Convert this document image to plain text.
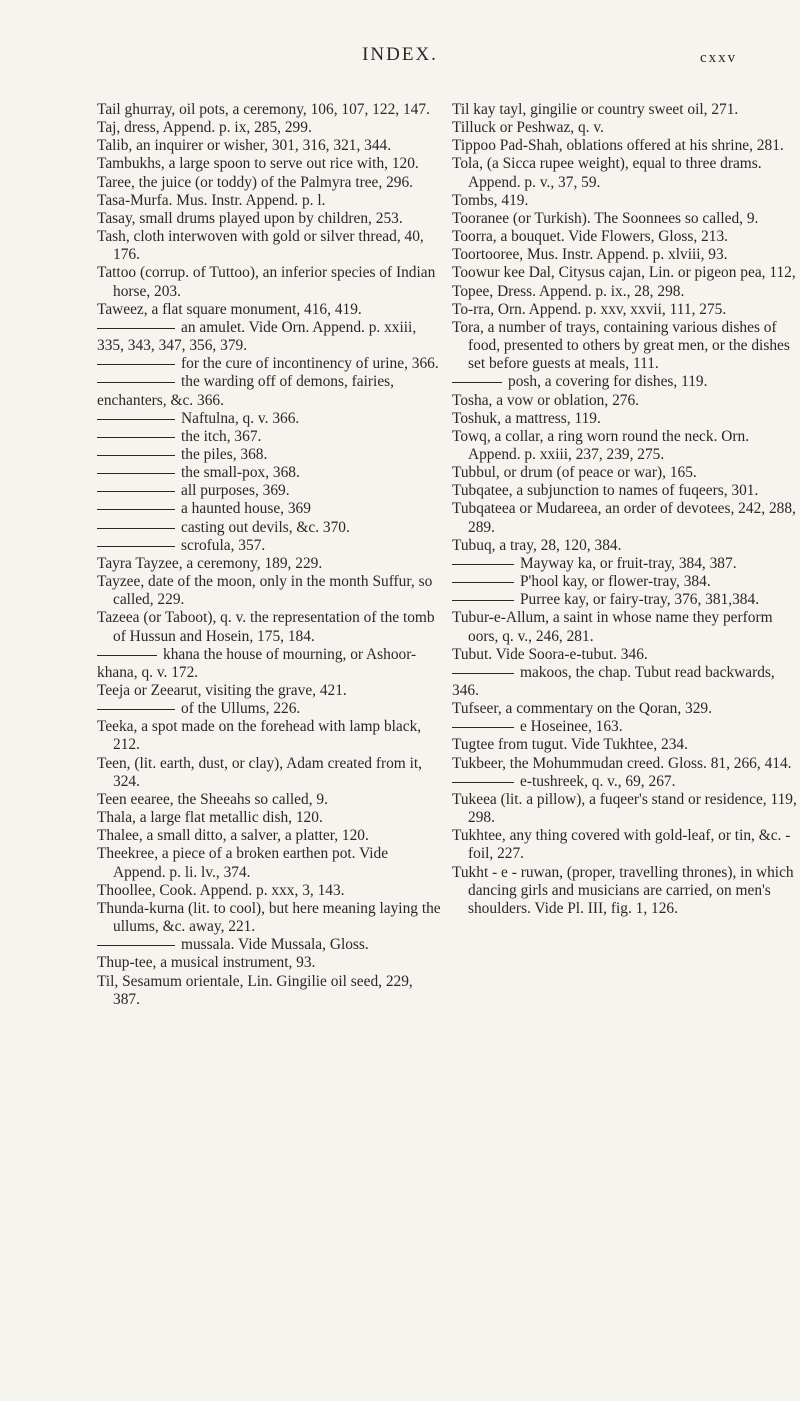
INDEX.	cxxv

Tail ghurray, oil pots, a ceremony, 106, 107, 122, 147.

Taj, dress, Append. p. ix, 285, 299.

Talib, an inquirer or wisher, 301, 316, 321, 344.

Tambukhs, a large spoon to serve out rice with, 120.

Taree, the juice (or toddy) of the Palmyra tree, 296.

Tasa-Murfa. Mus. Instr. Append. p. l.

Tasay, small drums played upon by children, 253.

Tash, cloth interwoven with gold or silver thread, 40, 176.

Tattoo (corrup. of Tuttoo), an inferior species of Indian horse, 203.

Taweez, a flat square monument, 416, 419.

an amulet. Vide Orn. Append. p. xxiii, 335, 343, 347, 356, 379.

for the cure of incontinency of urine, 366.

the warding off of demons, fairies, enchanters, &c. 366.

Naftulna, q. v. 366.

the itch, 367.

the piles, 368.

the small-pox, 368.

all purposes, 369.

a haunted house, 369

casting out devils, &c. 370.

scrofula, 357.

Tayra Tayzee, a ceremony, 189, 229.

Tayzee, date of the moon, only in the month Suffur, so called, 229.

Tazeea (or Taboot), q. v. the representation of the tomb of Hussun and Hosein, 175, 184.

khana the house of mourning, or Ashoor-khana, q. v. 172.

Teeja or Zeearut, visiting the grave, 421.

of the Ullums, 226.

Teeka, a spot made on the forehead with lamp black, 212.

Teen, (lit. earth, dust, or clay), Adam created from it, 324.

Teen eearee, the Sheeahs so called, 9.

Thala, a large flat metallic dish, 120.

Thalee, a small ditto, a salver, a platter, 120.

Theekree, a piece of a broken earthen pot. Vide Append. p. li. lv., 374.

Thoollee, Cook. Append. p. xxx, 3, 143.

Thunda-kurna (lit. to cool), but here meaning laying the ullums, &c. away, 221.

mussala. Vide Mussala, Gloss.

Thup-tee, a musical instrument, 93.

Til, Sesamum orientale, Lin. Gingilie oil seed, 229, 387.

Til kay tayl, gingilie or country sweet oil, 271.

Tilluck or Peshwaz, q. v.

Tippoo Pad-Shah, oblations offered at his shrine, 281.

Tola, (a Sicca rupee weight), equal to three drams. Append. p. v., 37, 59.

Tombs, 419.

Tooranee (or Turkish). The Soonnees so called, 9.

Toorra, a bouquet. Vide Flowers, Gloss, 213.

Toortooree, Mus. Instr. Append. p. xlviii, 93.

Toowur kee Dal, Citysus cajan, Lin. or pigeon pea, 112,

Topee, Dress. Append. p. ix., 28, 298.

To-rra, Orn. Append. p. xxv, xxvii, 111, 275.

Tora, a number of trays, containing various dishes of food, presented to others by great men, or the dishes set before guests at meals, 111.

posh, a covering for dishes, 119.

Tosha, a vow or oblation, 276.

Toshuk, a mattress, 119.

Towq, a collar, a ring worn round the neck. Orn. Append. p. xxiii, 237, 239, 275.

Tubbul, or drum (of peace or war), 165.

Tubqatee, a subjunction to names of fuqeers, 301.

Tubqateea or Mudareea, an order of devotees, 242, 288, 289.

Tubuq, a tray, 28, 120, 384.

Mayway ka, or fruit-tray, 384, 387.

P'hool kay, or flower-tray, 384.

Purree kay, or fairy-tray, 376, 381,384.

Tubur-e-Allum, a saint in whose name they perform oors, q. v., 246, 281.

Tubut. Vide Soora-e-tubut. 346.

makoos, the chap. Tubut read backwards, 346.

Tufseer, a commentary on the Qoran, 329.

e Hoseinee, 163.

Tugtee from tugut. Vide Tukhtee, 234.

Tukbeer, the Mohummudan creed. Gloss. 81, 266, 414.

e-tushreek, q. v., 69, 267.

Tukeea (lit. a pillow), a fuqeer's stand or residence, 119, 298.

Tukhtee, any thing covered with gold-leaf, or tin, &c. -foil, 227.

Tukht - e - ruwan, (proper, travelling thrones), in which dancing girls and musicians are carried, on men's shoulders. Vide Pl. III, fig. 1, 126.
